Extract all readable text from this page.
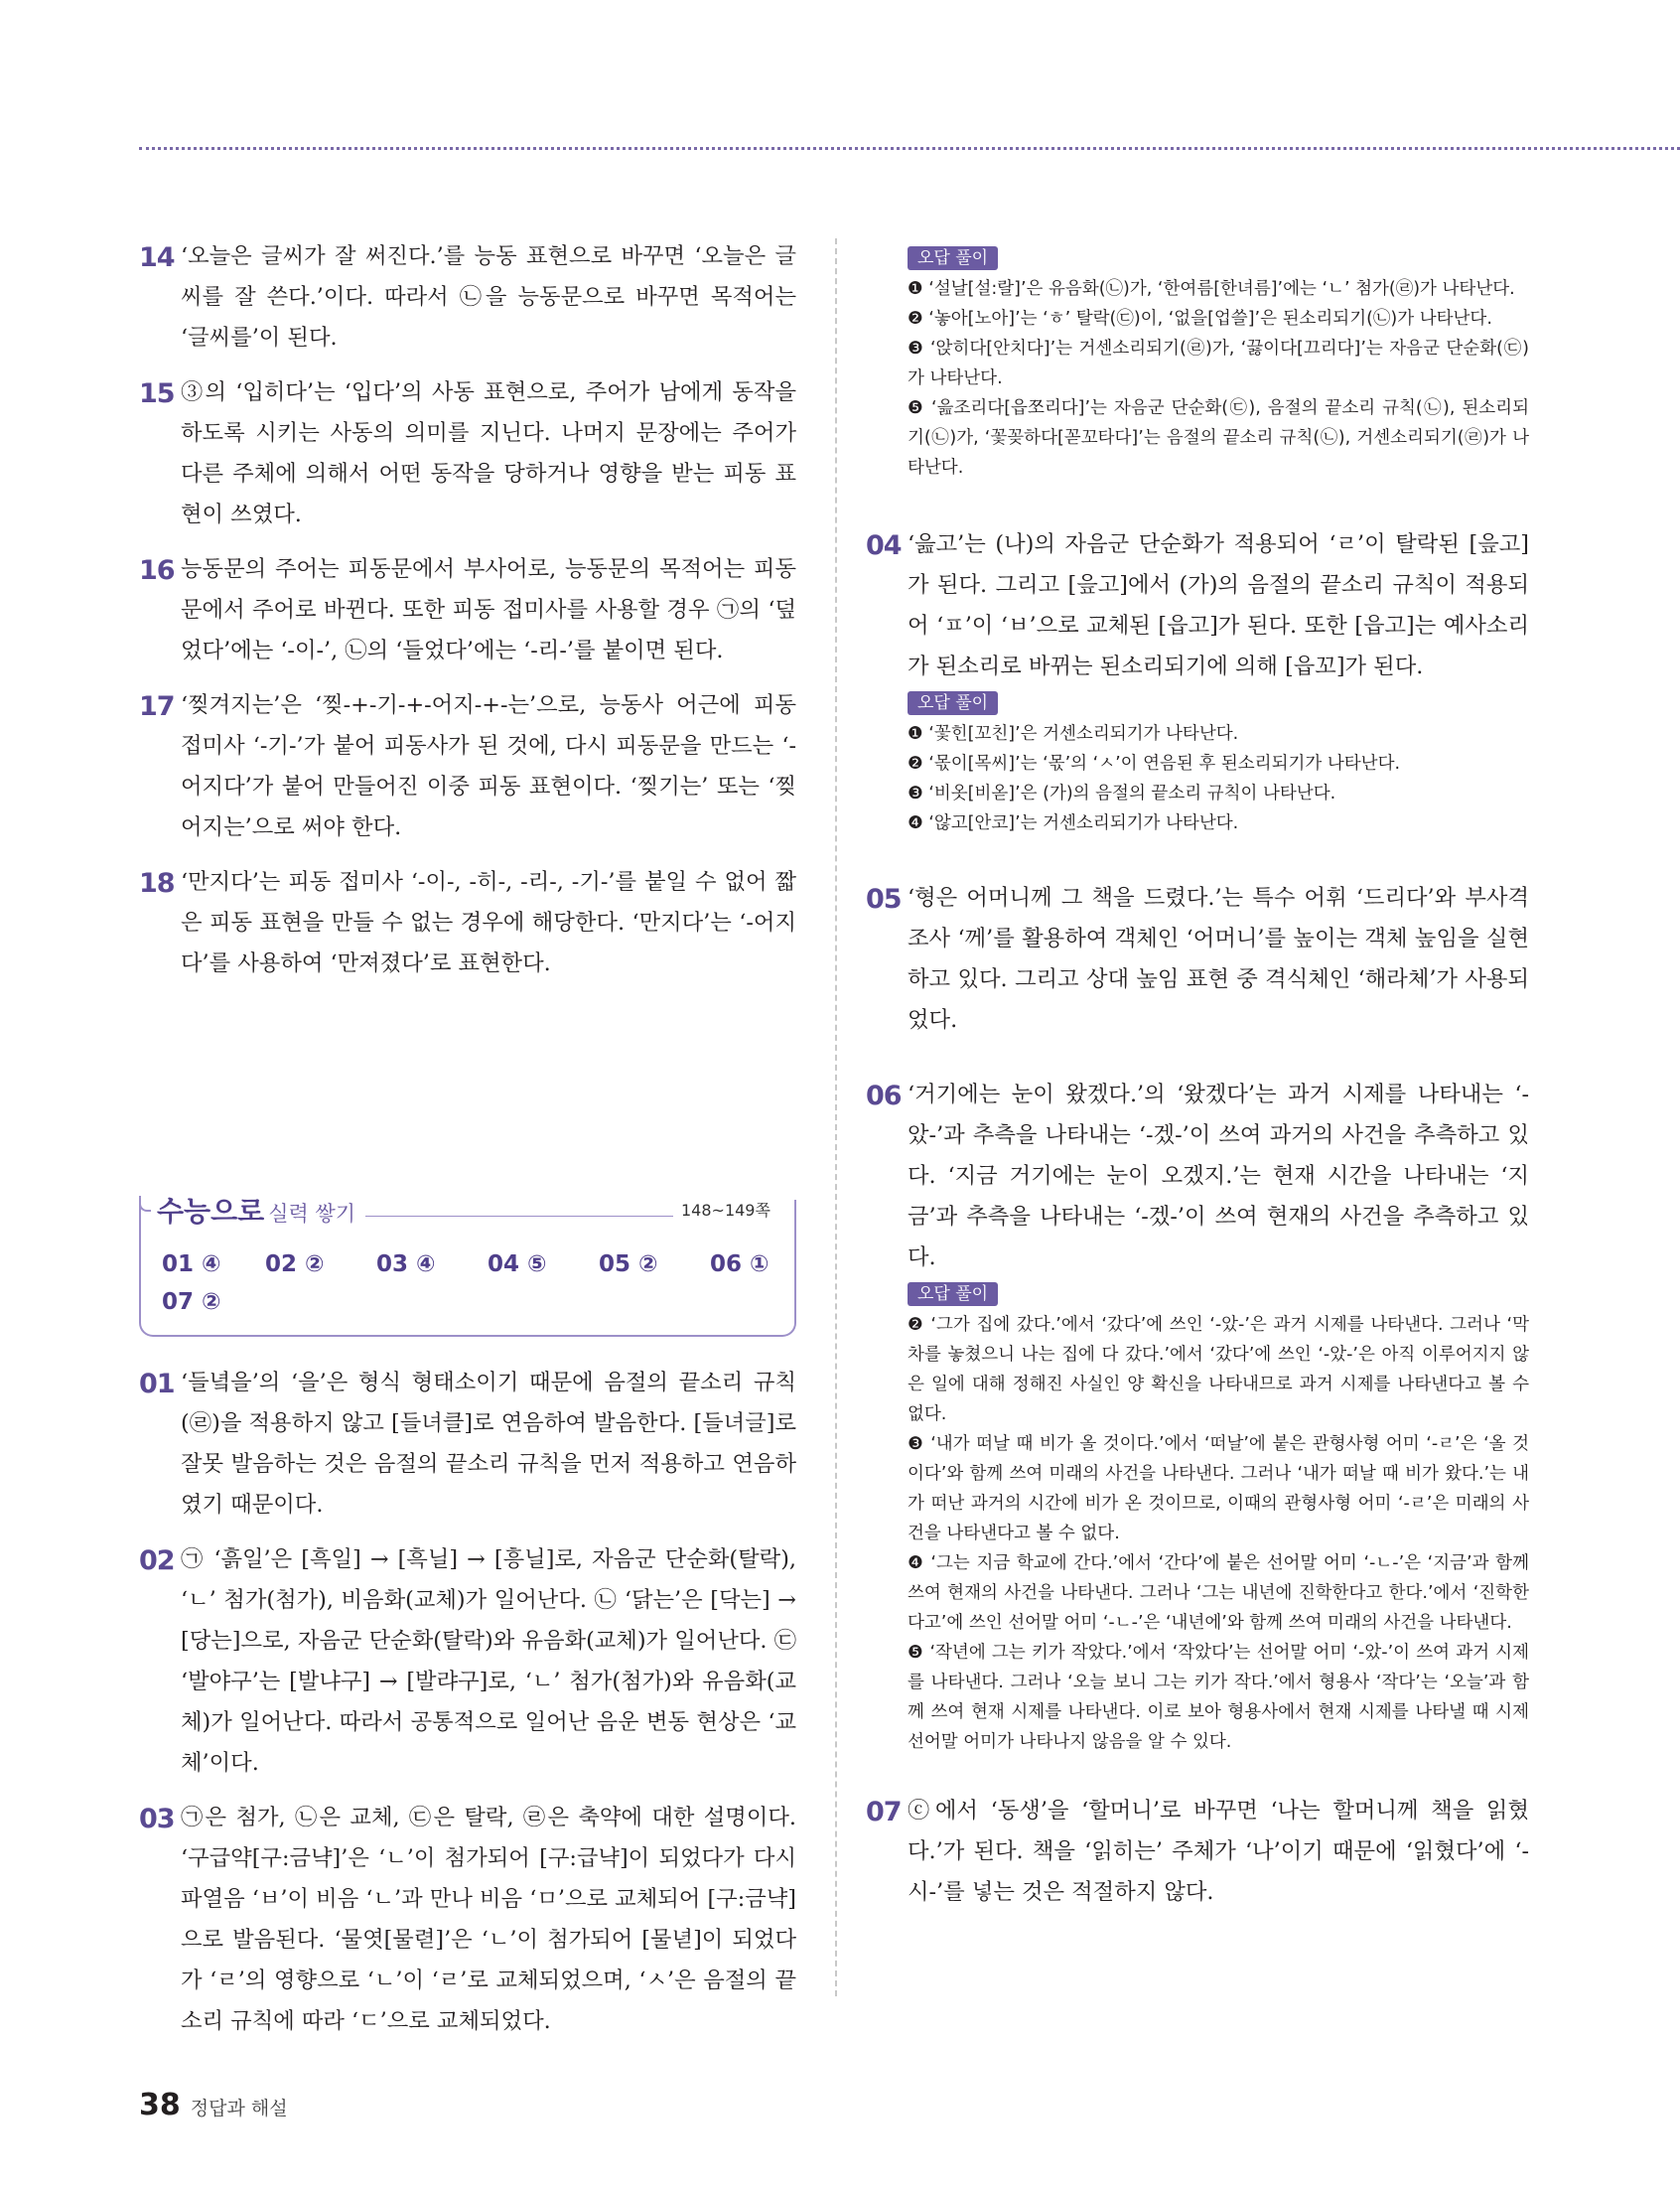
14 ‘오늘은 글씨가 잘 써진다.’를 능동 표현으로 바꾸면 ‘오늘은 글씨를 잘 쓴다.’이다. 따라서 ㉡을 능동문으로 바꾸면 목적어는 ‘글씨를’이 된다.
15 ③의 ‘입히다’는 ‘입다’의 사동 표현으로, 주어가 남에게 동작을 하도록 시키는 사동의 의미를 지닌다. 나머지 문장에는 주어가 다른 주체에 의해서 어떤 동작을 당하거나 영향을 받는 피동 표현이 쓰였다.
16 능동문의 주어는 피동문에서 부사어로, 능동문의 목적어는 피동문에서 주어로 바뀐다. 또한 피동 접미사를 사용할 경우 ㉠의 ‘덮었다’에는 ‘-이-’, ㉡의 ‘들었다’에는 ‘-리-’를 붙이면 된다.
17 ‘찢겨지는’은 ‘찢-+-기-+-어지-+-는’으로, 능동사 어근에 피동 접미사 ‘-기-’가 붙어 피동사가 된 것에, 다시 피동문을 만드는 ‘-어지다’가 붙어 만들어진 이중 피동 표현이다. ‘찢기는’ 또는 ‘찢어지는’으로 써야 한다.
18 ‘만지다’는 피동 접미사 ‘-이-, -히-, -리-, -기-’를 붙일 수 없어 짧은 피동 표현을 만들 수 없는 경우에 해당한다. ‘만지다’는 ‘-어지다’를 사용하여 ‘만져졌다’로 표현한다.
수능으로 실력 쌓기	148~149쪽
01 ④ 02 ② 03 ④ 04 ⑤ 05 ② 06 ①
07 ②
01 ‘들녘을’의 ‘을’은 형식 형태소이기 때문에 음절의 끝소리 규칙(㉣)을 적용하지 않고 [들녀클]로 연음하여 발음한다. [들녀글]로 잘못 발음하는 것은 음절의 끝소리 규칙을 먼저 적용하고 연음하였기 때문이다.
02 ㉠ ‘흙일’은 [흑일] → [흑닐] → [흥닐]로, 자음군 단순화(탈락), ‘ㄴ’ 첨가(첨가), 비음화(교체)가 일어난다. ㉡ ‘닭는’은 [닥는] → [당는]으로, 자음군 단순화(탈락)와 유음화(교체)가 일어난다. ㉢ ‘발야구’는 [발냐구] → [발랴구]로, ‘ㄴ’ 첨가(첨가)와 유음화(교체)가 일어난다. 따라서 공통적으로 일어난 음운 변동 현상은 ‘교체’이다.
03 ㉠은 첨가, ㉡은 교체, ㉢은 탈락, ㉣은 축약에 대한 설명이다. ‘구급약[구:금냑]’은 ‘ㄴ’이 첨가되어 [구:급냑]이 되었다가 다시 파열음 ‘ㅂ’이 비음 ‘ㄴ’과 만나 비음 ‘ㅁ’으로 교체되어 [구:금냑]으로 발음된다. ‘물엿[물렫]’은 ‘ㄴ’이 첨가되어 [물녇]이 되었다가 ‘ㄹ’의 영향으로 ‘ㄴ’이 ‘ㄹ’로 교체되었으며, ‘ㅅ’은 음절의 끝소리 규칙에 따라 ‘ㄷ’으로 교체되었다.
오답 풀이

❶ ‘설날[설:랄]’은 유음화(㉡)가, ‘한여름[한녀름]’에는 ‘ㄴ’ 첨가(㉣)가 나타난다.

❷ ‘놓아[노아]’는 ‘ㅎ’ 탈락(㉢)이, ‘없을[업쓸]’은 된소리되기(㉡)가 나타난다.

❸ ‘앉히다[안치다]’는 거센소리되기(㉣)가, ‘끓이다[끄리다]’는 자음군 단순화(㉢)가 나타난다.

❺ ‘읊조리다[읍쪼리다]’는 자음군 단순화(㉢), 음절의 끝소리 규칙(㉡), 된소리되기(㉡)가, ‘꽃꽂하다[꼳꼬타다]’는 음절의 끝소리 규칙(㉡), 거센소리되기(㉣)가 나타난다.

04 ‘읊고’는 (나)의 자음군 단순화가 적용되어 ‘ㄹ’이 탈락된 [읖고]가 된다. 그리고 [읖고]에서 (가)의 음절의 끝소리 규칙이 적용되어 ‘ㅍ’이 ‘ㅂ’으로 교체된 [읍고]가 된다. 또한 [읍고]는 예사소리가 된소리로 바뀌는 된소리되기에 의해 [읍꼬]가 된다.
오답 풀이

❶ ‘꽃힌[꼬친]’은 거센소리되기가 나타난다.

❷ ‘몫이[목씨]’는 ‘몫’의 ‘ㅅ’이 연음된 후 된소리되기가 나타난다.

❸ ‘비옷[비옫]’은 (가)의 음절의 끝소리 규칙이 나타난다.

❹ ‘않고[안코]’는 거센소리되기가 나타난다.

05 ‘형은 어머니께 그 책을 드렸다.’는 특수 어휘 ‘드리다’와 부사격 조사 ‘께’를 활용하여 객체인 ‘어머니’를 높이는 객체 높임을 실현하고 있다. 그리고 상대 높임 표현 중 격식체인 ‘해라체’가 사용되었다.
06 ‘거기에는 눈이 왔겠다.’의 ‘왔겠다’는 과거 시제를 나타내는 ‘-았-’과 추측을 나타내는 ‘-겠-’이 쓰여 과거의 사건을 추측하고 있다. ‘지금 거기에는 눈이 오겠지.’는 현재 시간을 나타내는 ‘지금’과 추측을 나타내는 ‘-겠-’이 쓰여 현재의 사건을 추측하고 있다.
오답 풀이

❷ ‘그가 집에 갔다.’에서 ‘갔다’에 쓰인 ‘-았-’은 과거 시제를 나타낸다. 그러나 ‘막차를 놓쳤으니 나는 집에 다 갔다.’에서 ‘갔다’에 쓰인 ‘-았-’은 아직 이루어지지 않은 일에 대해 정해진 사실인 양 확신을 나타내므로 과거 시제를 나타낸다고 볼 수 없다.

❸ ‘내가 떠날 때 비가 올 것이다.’에서 ‘떠날’에 붙은 관형사형 어미 ‘-ㄹ’은 ‘올 것이다’와 함께 쓰여 미래의 사건을 나타낸다. 그러나 ‘내가 떠날 때 비가 왔다.’는 내가 떠난 과거의 시간에 비가 온 것이므로, 이때의 관형사형 어미 ‘-ㄹ’은 미래의 사건을 나타낸다고 볼 수 없다.

❹ ‘그는 지금 학교에 간다.’에서 ‘간다’에 붙은 선어말 어미 ‘-ㄴ-’은 ‘지금’과 함께 쓰여 현재의 사건을 나타낸다. 그러나 ‘그는 내년에 진학한다고 한다.’에서 ‘진학한다고’에 쓰인 선어말 어미 ‘-ㄴ-’은 ‘내년에’와 함께 쓰여 미래의 사건을 나타낸다.

❺ ‘작년에 그는 키가 작았다.’에서 ‘작았다’는 선어말 어미 ‘-았-’이 쓰여 과거 시제를 나타낸다. 그러나 ‘오늘 보니 그는 키가 작다.’에서 형용사 ‘작다’는 ‘오늘’과 함께 쓰여 현재 시제를 나타낸다. 이로 보아 형용사에서 현재 시제를 나타낼 때 시제 선어말 어미가 나타나지 않음을 알 수 있다.

07 ⓒ에서 ‘동생’을 ‘할머니’로 바꾸면 ‘나는 할머니께 책을 읽혔다.’가 된다. 책을 ‘읽히는’ 주체가 ‘나’이기 때문에 ‘읽혔다’에 ‘-시-’를 넣는 것은 적절하지 않다.
38 정답과 해설
